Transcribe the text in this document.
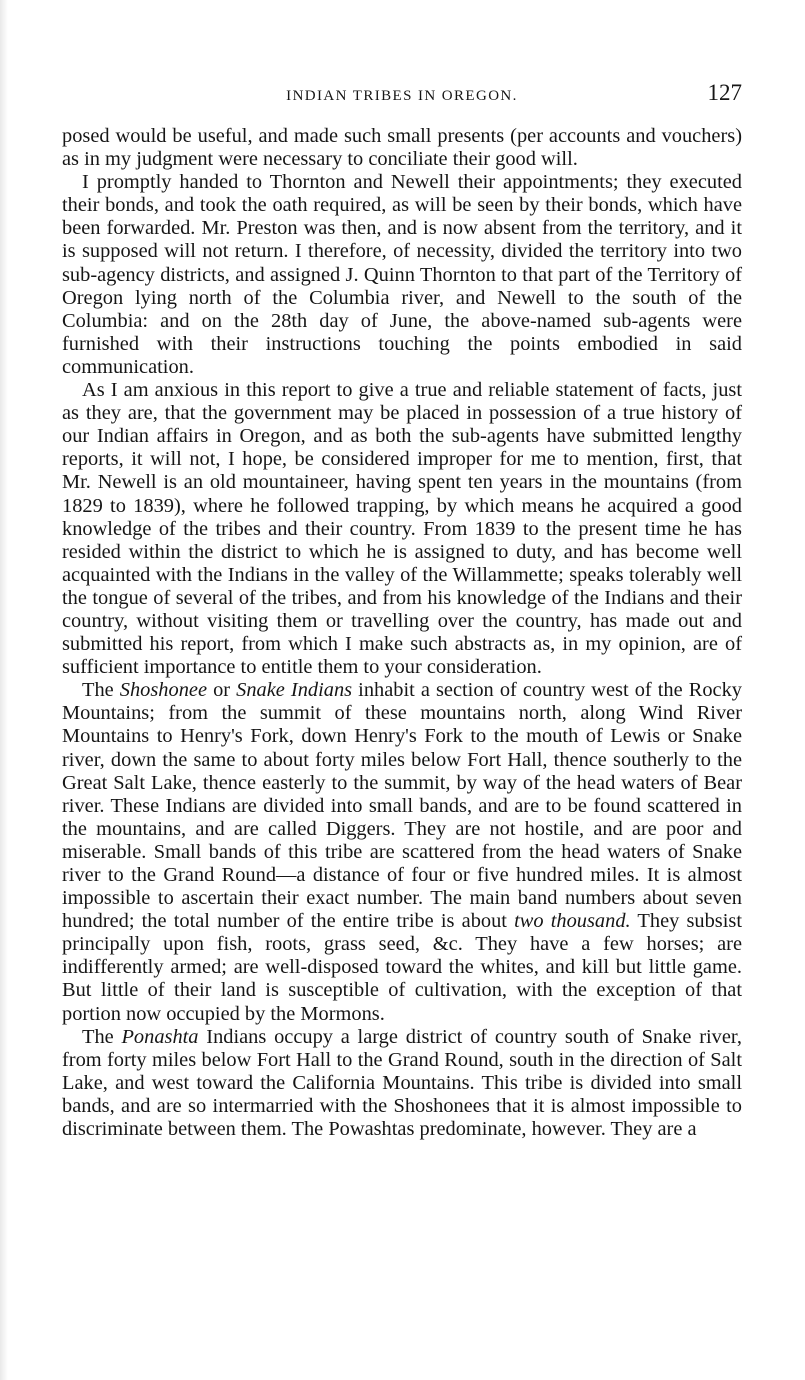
INDIAN TRIBES IN OREGON.	127

posed would be useful, and made such small presents (per accounts and vouchers) as in my judgment were necessary to conciliate their good will.

I promptly handed to Thornton and Newell their appointments; they executed their bonds, and took the oath required, as will be seen by their bonds, which have been forwarded. Mr. Preston was then, and is now absent from the territory, and it is supposed will not return. I therefore, of necessity, divided the territory into two sub-agency districts, and assigned J. Quinn Thornton to that part of the Territory of Oregon lying north of the Columbia river, and Newell to the south of the Columbia: and on the 28th day of June, the above-named sub-agents were furnished with their instructions touching the points embodied in said communication.

As I am anxious in this report to give a true and reliable statement of facts, just as they are, that the government may be placed in possession of a true history of our Indian affairs in Oregon, and as both the sub-agents have submitted lengthy reports, it will not, I hope, be considered improper for me to mention, first, that Mr. Newell is an old mountaineer, having spent ten years in the mountains (from 1829 to 1839), where he followed trapping, by which means he acquired a good knowledge of the tribes and their country. From 1839 to the present time he has resided within the district to which he is assigned to duty, and has become well acquainted with the Indians in the valley of the Willammette; speaks tolerably well the tongue of several of the tribes, and from his knowledge of the Indians and their country, without visiting them or travelling over the country, has made out and submitted his report, from which I make such abstracts as, in my opinion, are of sufficient importance to entitle them to your consideration.

The Shoshonee or Snake Indians inhabit a section of country west of the Rocky Mountains; from the summit of these mountains north, along Wind River Mountains to Henry's Fork, down Henry's Fork to the mouth of Lewis or Snake river, down the same to about forty miles below Fort Hall, thence southerly to the Great Salt Lake, thence easterly to the summit, by way of the head waters of Bear river. These Indians are divided into small bands, and are to be found scattered in the mountains, and are called Diggers. They are not hostile, and are poor and miserable. Small bands of this tribe are scattered from the head waters of Snake river to the Grand Round—a distance of four or five hundred miles. It is almost impossible to ascertain their exact number. The main band numbers about seven hundred; the total number of the entire tribe is about two thousand. They subsist principally upon fish, roots, grass seed, &c. They have a few horses; are indifferently armed; are well-disposed toward the whites, and kill but little game. But little of their land is susceptible of cultivation, with the exception of that portion now occupied by the Mormons.

The Ponashta Indians occupy a large district of country south of Snake river, from forty miles below Fort Hall to the Grand Round, south in the direction of Salt Lake, and west toward the California Mountains. This tribe is divided into small bands, and are so intermarried with the Shoshonees that it is almost impossible to discriminate between them. The Powashtas predominate, however. They are a
